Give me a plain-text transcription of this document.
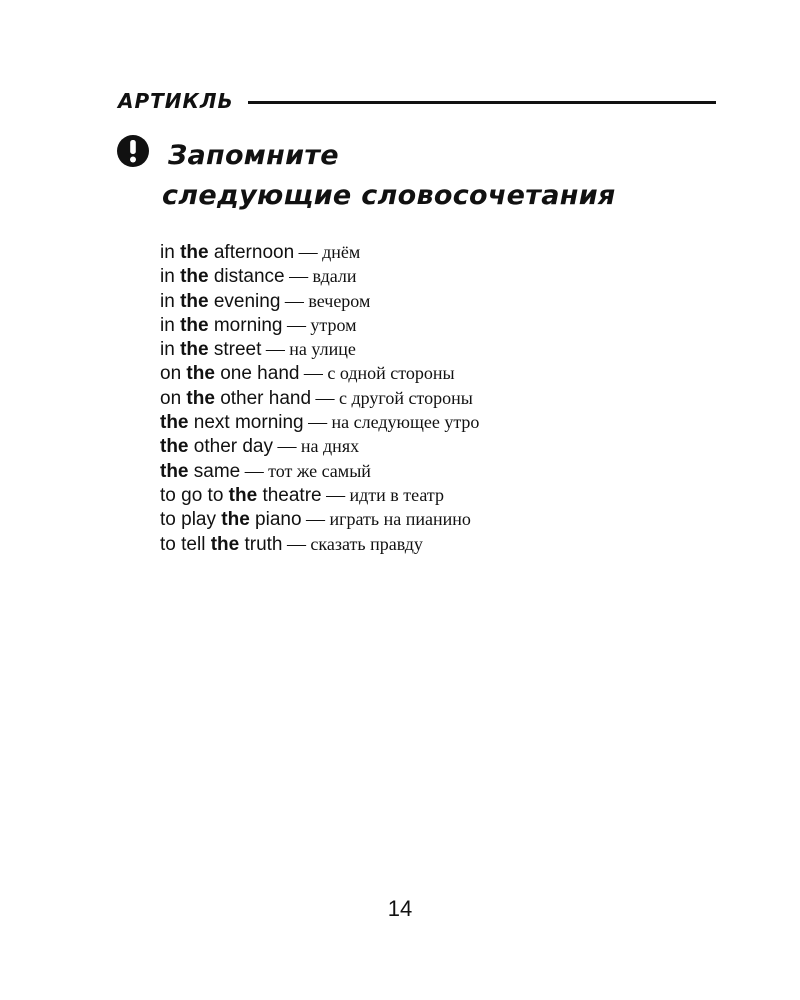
АРТИКЛЬ
Запомните
следующие словосочетания
in the afternoon — днём
in the distance — вдали
in the evening — вечером
in the morning — утром
in the street — на улице
on the one hand — с одной стороны
on the other hand — с другой стороны
the next morning — на следующее утро
the other day — на днях
the same — тот же самый
to go to the theatre — идти в театр
to play the piano — играть на пианино
to tell the truth — сказать правду
14
